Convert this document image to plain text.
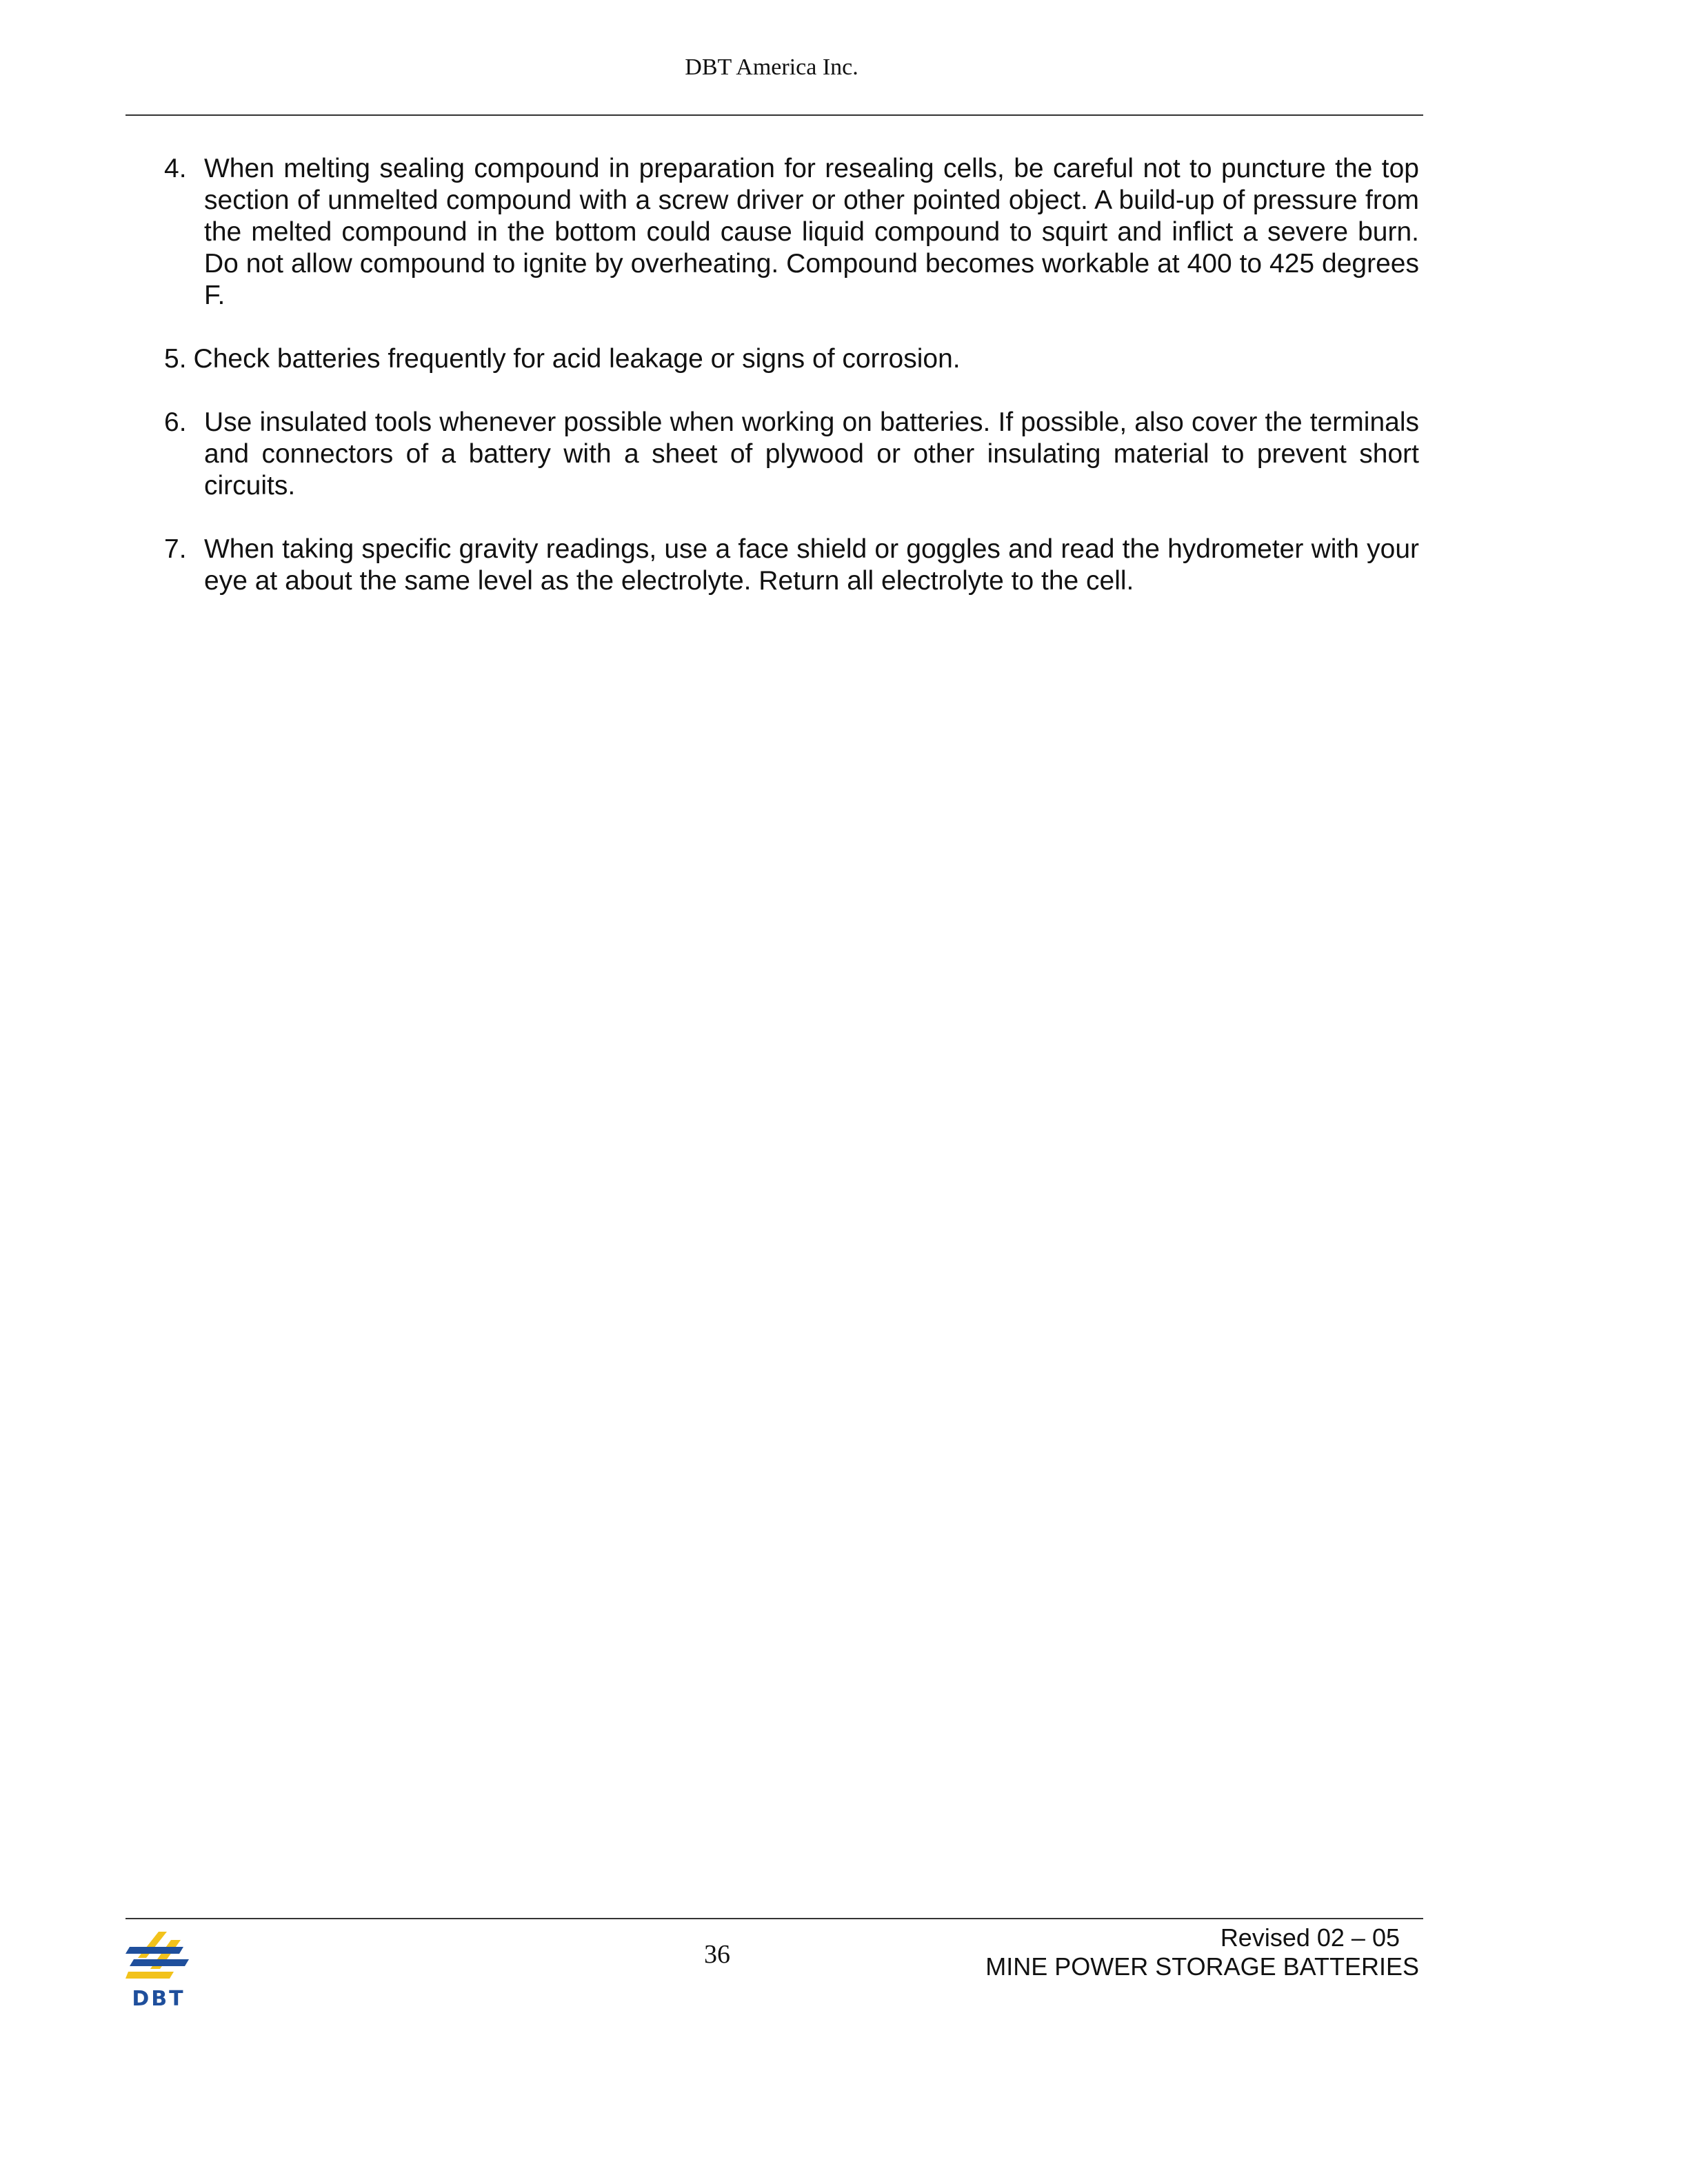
DBT America Inc.

4. When melting sealing compound in preparation for resealing cells, be careful not to puncture the top section of unmelted compound with a screw driver or other pointed object. A build-up of pressure from the melted compound in the bottom could cause liquid compound to squirt and inflict a severe burn. Do not allow compound to ignite by overheating. Compound becomes workable at 400 to 425 degrees F.

5. Check batteries frequently for acid leakage or signs of corrosion.

6. Use insulated tools whenever possible when working on batteries. If possible, also cover the terminals and connectors of a battery with a sheet of plywood or other insulating material to prevent short circuits.

7. When taking specific gravity readings, use a face shield or goggles and read the hydrometer with your eye at about the same level as the electrolyte. Return all electrolyte to the cell.

DBT
36
Revised 02 – 05
MINE POWER STORAGE BATTERIES
